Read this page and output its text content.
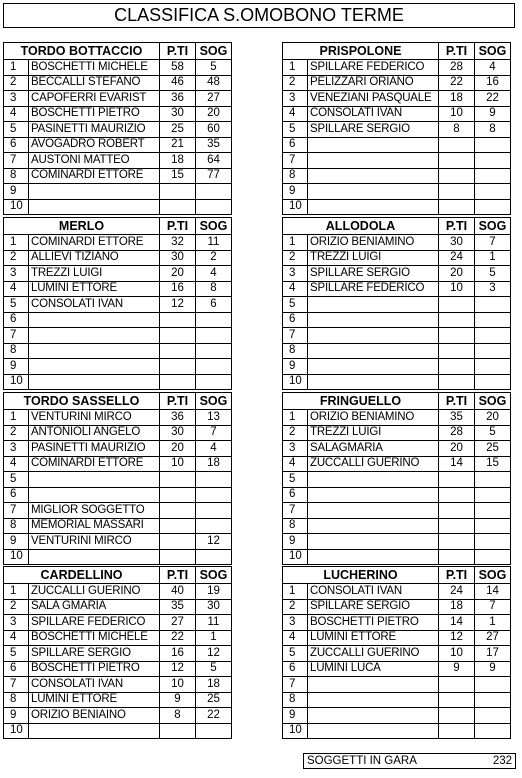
CLASSIFICA S.OMOBONO TERME
TORDO BOTTACCIO		P.TI	SOG
1	BOSCHETTI MICHELE	58	5
2	BECCALLI STEFANO	46	48
3	CAPOFERRI EVARIST	36	27
4	BOSCHETTI PIETRO	30	20
5	PASINETTI MAURIZIO	25	60
6	AVOGADRO ROBERT	21	35
7	AUSTONI MATTEO	18	64
8	COMINARDI ETTORE	15	77
9			
10			
PRISPOLONE		P.TI	SOG
1	SPILLARE FEDERICO	28	4
2	PELIZZARI ORIANO	22	16
3	VENEZIANI PASQUALE	18	22
4	CONSOLATI IVAN	10	9
5	SPILLARE SERGIO	8	8
6			
7			
8			
9			
10			
MERLO		P.TI	SOG
1	COMINARDI ETTORE	32	11
2	ALLIEVI TIZIANO	30	2
3	TREZZI LUIGI	20	4
4	LUMINI ETTORE	16	8
5	CONSOLATI IVAN	12	6
6			
7			
8			
9			
10			
ALLODOLA		P.TI	SOG
1	ORIZIO BENIAMINO	30	7
2	TREZZI LUIGI	24	1
3	SPILLARE SERGIO	20	5
4	SPILLARE FEDERICO	10	3
5			
6			
7			
8			
9			
10			
TORDO SASSELLO		P.TI	SOG
1	VENTURINI MIRCO	36	13
2	ANTONIOLI ANGELO	30	7
3	PASINETTI MAURIZIO	20	4
4	COMINARDI ETTORE	10	18
5			
6			
7	MIGLIOR SOGGETTO		
8	MEMORIAL MASSARI		
9	VENTURINI MIRCO		12
10			
FRINGUELLO		P.TI	SOG
1	ORIZIO BENIAMINO	35	20
2	TREZZI LUIGI	28	5
3	SALAGMARIA	20	25
4	ZUCCALLI GUERINO	14	15
5			
6			
7			
8			
9			
10			
CARDELLINO		P.TI	SOG
1	ZUCCALLI GUERINO	40	19
2	SALA GMARIA	35	30
3	SPILLARE FEDERICO	27	11
4	BOSCHETTI MICHELE	22	1
5	SPILLARE SERGIO	16	12
6	BOSCHETTI PIETRO	12	5
7	CONSOLATI IVAN	10	18
8	LUMINI ETTORE	9	25
9	ORIZIO BENIAINO	8	22
10			
LUCHERINO		P.TI	SOG
1	CONSOLATI IVAN	24	14
2	SPILLARE SERGIO	18	7
3	BOSCHETTI PIETRO	14	1
4	LUMINI ETTORE	12	27
5	ZUCCALLI GUERINO	10	17
6	LUMINI LUCA	9	9
7			
8			
9			
10			
SOGGETTI IN GARA	232
